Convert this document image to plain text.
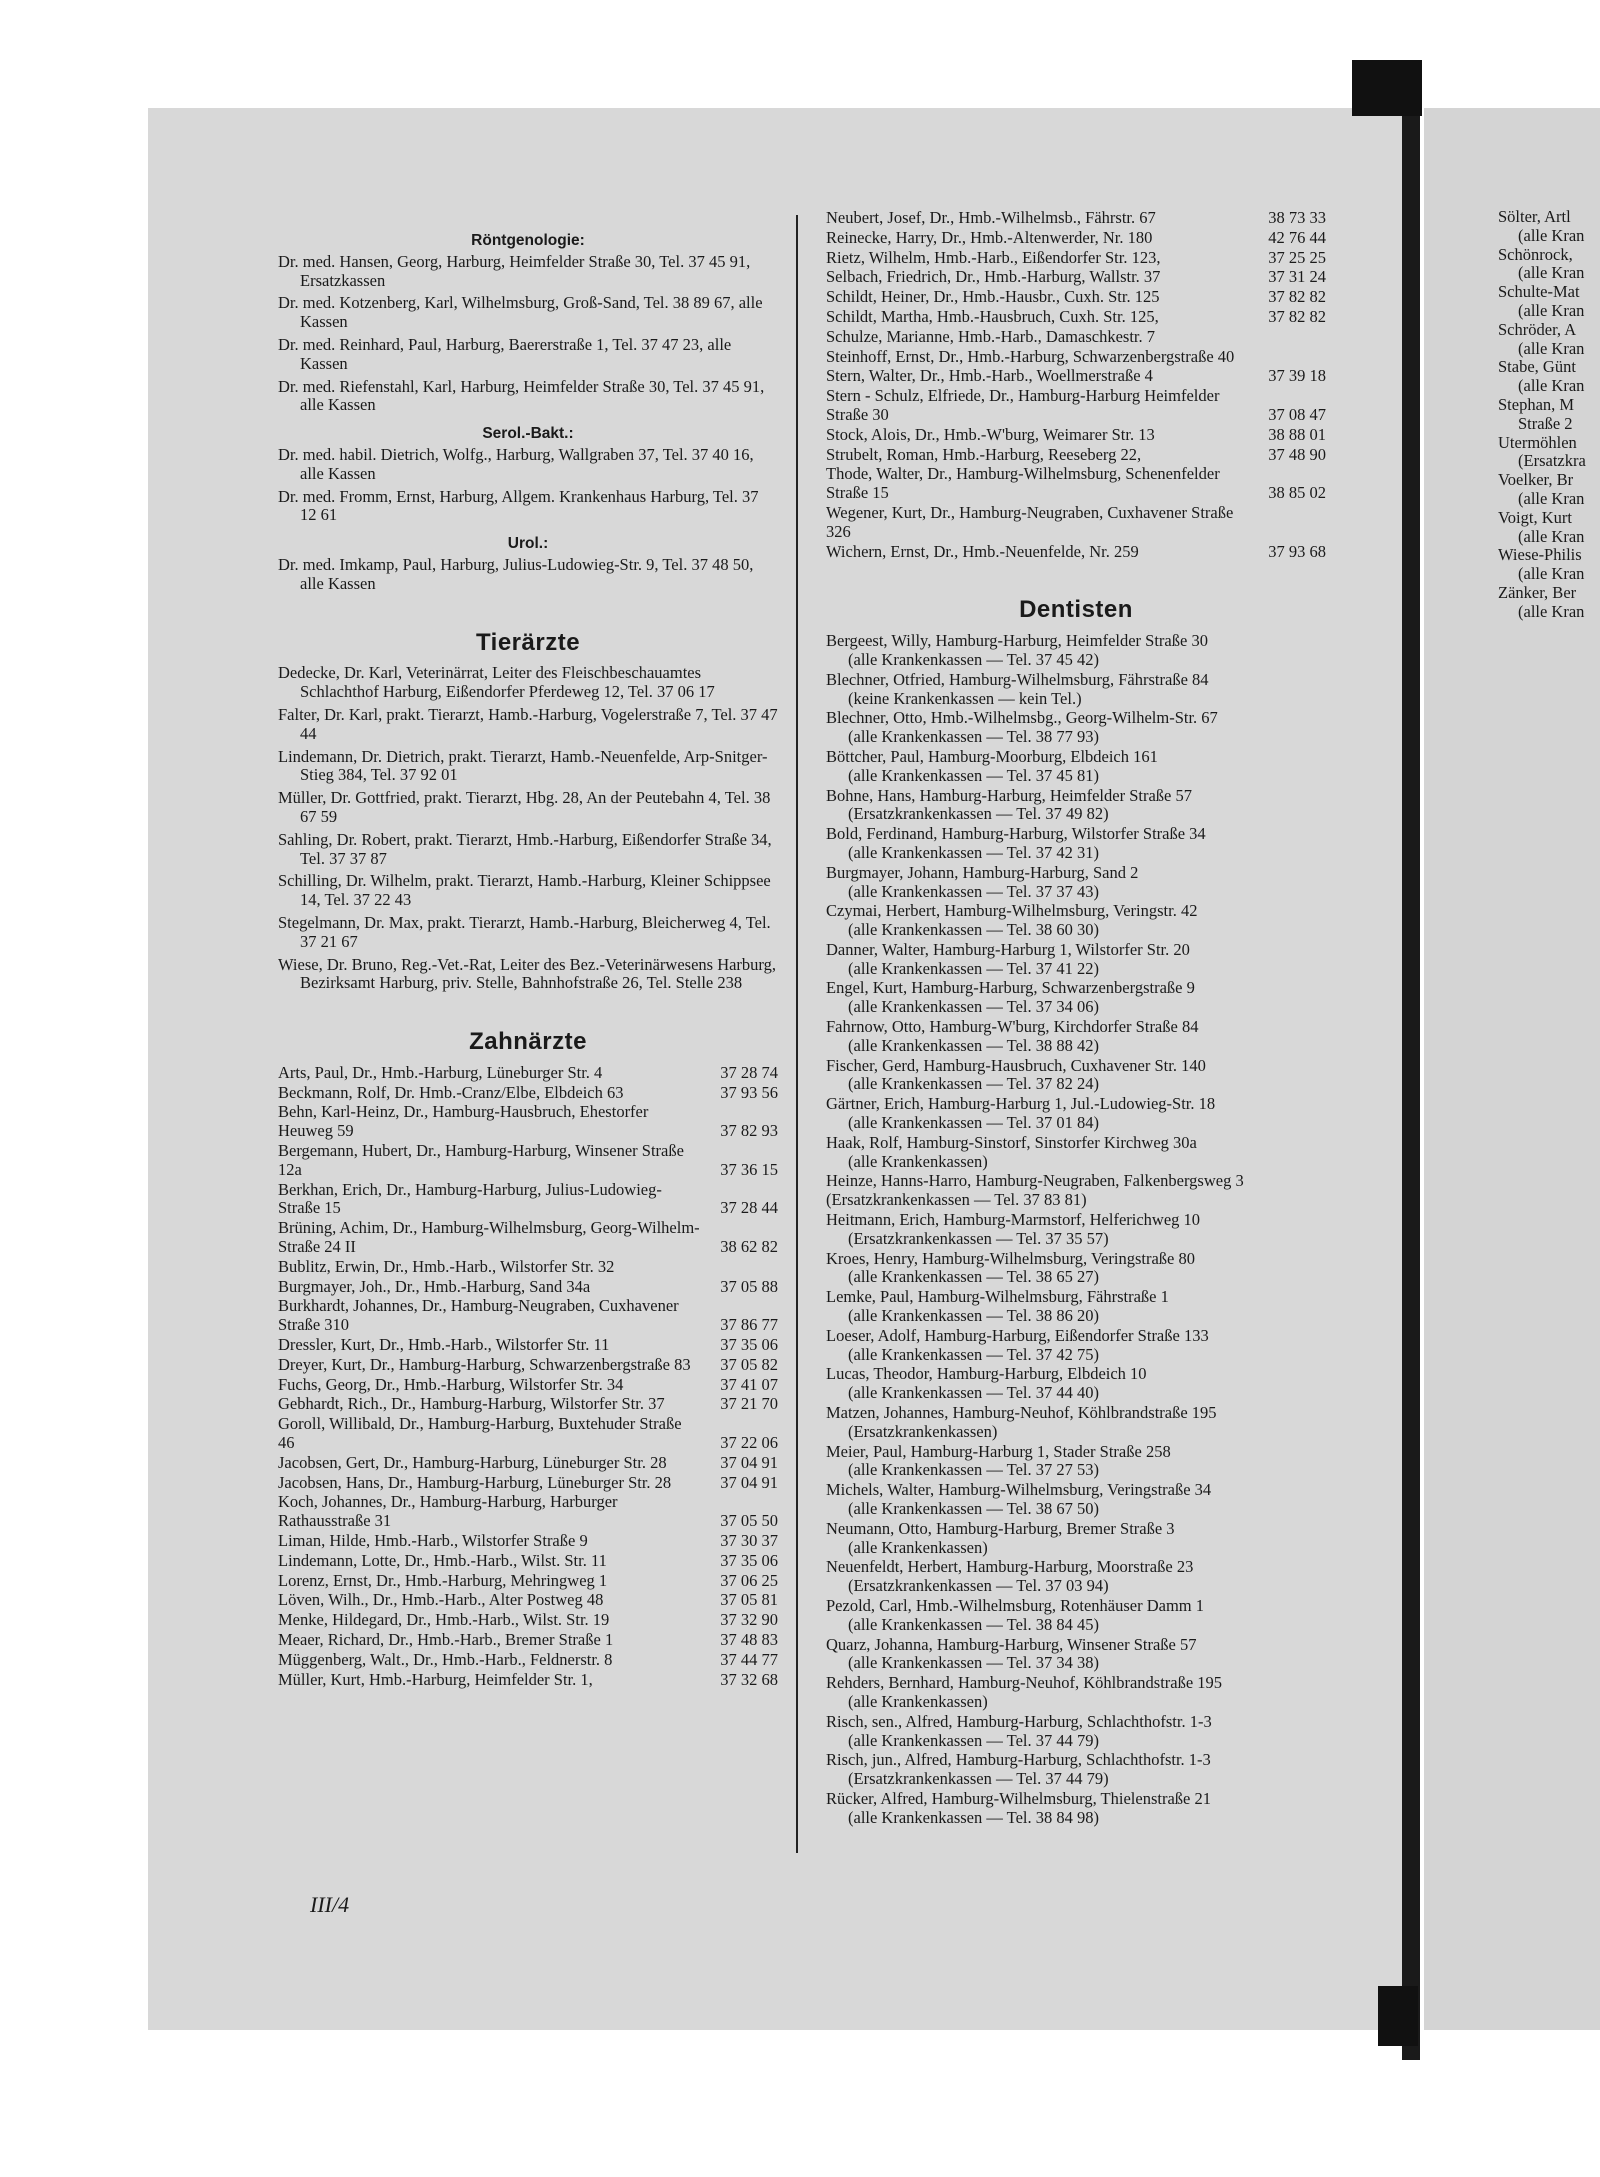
Röntgenologie:
Dr. med. Hansen, Georg, Harburg, Heimfelder Straße 30, Tel. 37 45 91, Ersatzkassen
Dr. med. Kotzenberg, Karl, Wilhelmsburg, Groß-Sand, Tel. 38 89 67, alle Kassen
Dr. med. Reinhard, Paul, Harburg, Baererstraße 1, Tel. 37 47 23, alle Kassen
Dr. med. Riefenstahl, Karl, Harburg, Heimfelder Straße 30, Tel. 37 45 91, alle Kassen
Serol.-Bakt.:
Dr. med. habil. Dietrich, Wolfg., Harburg, Wallgraben 37, Tel. 37 40 16, alle Kassen
Dr. med. Fromm, Ernst, Harburg, Allgem. Krankenhaus Harburg, Tel. 37 12 61
Urol.:
Dr. med. Imkamp, Paul, Harburg, Julius-Ludowieg-Str. 9, Tel. 37 48 50, alle Kassen
Tierärzte
Dedecke, Dr. Karl, Veterinärrat, Leiter des Fleischbeschauamtes Schlachthof Harburg, Eißendorfer Pferdeweg 12, Tel. 37 06 17
Falter, Dr. Karl, prakt. Tierarzt, Hamb.-Harburg, Vogelerstraße 7, Tel. 37 47 44
Lindemann, Dr. Dietrich, prakt. Tierarzt, Hamb.-Neuenfelde, Arp-Snitger-Stieg 384, Tel. 37 92 01
Müller, Dr. Gottfried, prakt. Tierarzt, Hbg. 28, An der Peutebahn 4, Tel. 38 67 59
Sahling, Dr. Robert, prakt. Tierarzt, Hmb.-Harburg, Eißendorfer Straße 34, Tel. 37 37 87
Schilling, Dr. Wilhelm, prakt. Tierarzt, Hamb.-Harburg, Kleiner Schippsee 14, Tel. 37 22 43
Stegelmann, Dr. Max, prakt. Tierarzt, Hamb.-Harburg, Bleicherweg 4, Tel. 37 21 67
Wiese, Dr. Bruno, Reg.-Vet.-Rat, Leiter des Bez.-Veterinärwesens Harburg, Bezirksamt Harburg, priv. Stelle, Bahnhofstraße 26, Tel. Stelle 238
Zahnärzte
Arts, Paul, Dr., Hmb.-Harburg, Lüneburger Str. 4	37 28 74
Beckmann, Rolf, Dr. Hmb.-Cranz/Elbe, Elbdeich 63	37 93 56
Behn, Karl-Heinz, Dr., Hamburg-Hausbruch, Ehestorfer Heuweg 59	37 82 93
Bergemann, Hubert, Dr., Hamburg-Harburg, Winsener Straße 12a	37 36 15
Berkhan, Erich, Dr., Hamburg-Harburg, Julius-Ludowieg-Straße 15	37 28 44
Brüning, Achim, Dr., Hamburg-Wilhelmsburg, Georg-Wilhelm-Straße 24 II	38 62 82
Bublitz, Erwin, Dr., Hmb.-Harb., Wilstorfer Str. 32
Burgmayer, Joh., Dr., Hmb.-Harburg, Sand 34a	37 05 88
Burkhardt, Johannes, Dr., Hamburg-Neugraben, Cuxhavener Straße 310	37 86 77
Dressler, Kurt, Dr., Hmb.-Harb., Wilstorfer Str. 11	37 35 06
Dreyer, Kurt, Dr., Hamburg-Harburg, Schwarzenbergstraße 83	37 05 82
Fuchs, Georg, Dr., Hmb.-Harburg, Wilstorfer Str. 34	37 41 07
Gebhardt, Rich., Dr., Hamburg-Harburg, Wilstorfer Str. 37	37 21 70
Goroll, Willibald, Dr., Hamburg-Harburg, Buxtehuder Straße 46	37 22 06
Jacobsen, Gert, Dr., Hamburg-Harburg, Lüneburger Str. 28	37 04 91
Jacobsen, Hans, Dr., Hamburg-Harburg, Lüneburger Str. 28	37 04 91
Koch, Johannes, Dr., Hamburg-Harburg, Harburger Rathausstraße 31	37 05 50
Liman, Hilde, Hmb.-Harb., Wilstorfer Straße 9	37 30 37
Lindemann, Lotte, Dr., Hmb.-Harb., Wilst. Str. 11	37 35 06
Lorenz, Ernst, Dr., Hmb.-Harburg, Mehringweg 1	37 06 25
Löven, Wilh., Dr., Hmb.-Harb., Alter Postweg 48	37 05 81
Menke, Hildegard, Dr., Hmb.-Harb., Wilst. Str. 19	37 32 90
Meaer, Richard, Dr., Hmb.-Harb., Bremer Straße 1	37 48 83
Müggenberg, Walt., Dr., Hmb.-Harb., Feldnerstr. 8	37 44 77
Müller, Kurt, Hmb.-Harburg, Heimfelder Str. 1,	37 32 68
Neubert, Josef, Dr., Hmb.-Wilhelmsb., Fährstr. 67	38 73 33
Reinecke, Harry, Dr., Hmb.-Altenwerder, Nr. 180	42 76 44
Rietz, Wilhelm, Hmb.-Harb., Eißendorfer Str. 123,	37 25 25
Selbach, Friedrich, Dr., Hmb.-Harburg, Wallstr. 37	37 31 24
Schildt, Heiner, Dr., Hmb.-Hausbr., Cuxh. Str. 125	37 82 82
Schildt, Martha, Hmb.-Hausbruch, Cuxh. Str. 125,	37 82 82
Schulze, Marianne, Hmb.-Harb., Damaschkestr. 7
Steinhoff, Ernst, Dr., Hmb.-Harburg, Schwarzenbergstraße 40
Stern, Walter, Dr., Hmb.-Harb., Woellmerstraße 4	37 39 18
Stern - Schulz, Elfriede, Dr., Hamburg-Harburg Heimfelder Straße 30	37 08 47
Stock, Alois, Dr., Hmb.-W'burg, Weimarer Str. 13	38 88 01
Strubelt, Roman, Hmb.-Harburg, Reeseberg 22,	37 48 90
Thode, Walter, Dr., Hamburg-Wilhelmsburg, Schenenfelder Straße 15	38 85 02
Wegener, Kurt, Dr., Hamburg-Neugraben, Cuxhavener Straße 326
Wichern, Ernst, Dr., Hmb.-Neuenfelde, Nr. 259	37 93 68
Dentisten
Bergeest, Willy, Hamburg-Harburg, Heimfelder Straße 30
(alle Krankenkassen — Tel. 37 45 42)
Blechner, Otfried, Hamburg-Wilhelmsburg, Fährstraße 84
(keine Krankenkassen — kein Tel.)
Blechner, Otto, Hmb.-Wilhelmsbg., Georg-Wilhelm-Str. 67
(alle Krankenkassen — Tel. 38 77 93)
Böttcher, Paul, Hamburg-Moorburg, Elbdeich 161
(alle Krankenkassen — Tel. 37 45 81)
Bohne, Hans, Hamburg-Harburg, Heimfelder Straße 57
(Ersatzkrankenkassen — Tel. 37 49 82)
Bold, Ferdinand, Hamburg-Harburg, Wilstorfer Straße 34
(alle Krankenkassen — Tel. 37 42 31)
Burgmayer, Johann, Hamburg-Harburg, Sand 2
(alle Krankenkassen — Tel. 37 37 43)
Czymai, Herbert, Hamburg-Wilhelmsburg, Veringstr. 42
(alle Krankenkassen — Tel. 38 60 30)
Danner, Walter, Hamburg-Harburg 1, Wilstorfer Str. 20
(alle Krankenkassen — Tel. 37 41 22)
Engel, Kurt, Hamburg-Harburg, Schwarzenbergstraße 9
(alle Krankenkassen — Tel. 37 34 06)
Fahrnow, Otto, Hamburg-W'burg, Kirchdorfer Straße 84
(alle Krankenkassen — Tel. 38 88 42)
Fischer, Gerd, Hamburg-Hausbruch, Cuxhavener Str. 140
(alle Krankenkassen — Tel. 37 82 24)
Gärtner, Erich, Hamburg-Harburg 1, Jul.-Ludowieg-Str. 18
(alle Krankenkassen — Tel. 37 01 84)
Haak, Rolf, Hamburg-Sinstorf, Sinstorfer Kirchweg 30a
(alle Krankenkassen)
Heinze, Hanns-Harro, Hamburg-Neugraben, Falkenbergsweg 3 (Ersatzkrankenkassen — Tel. 37 83 81)
Heitmann, Erich, Hamburg-Marmstorf, Helferichweg 10
(Ersatzkrankenkassen — Tel. 37 35 57)
Kroes, Henry, Hamburg-Wilhelmsburg, Veringstraße 80
(alle Krankenkassen — Tel. 38 65 27)
Lemke, Paul, Hamburg-Wilhelmsburg, Fährstraße 1
(alle Krankenkassen — Tel. 38 86 20)
Loeser, Adolf, Hamburg-Harburg, Eißendorfer Straße 133
(alle Krankenkassen — Tel. 37 42 75)
Lucas, Theodor, Hamburg-Harburg, Elbdeich 10
(alle Krankenkassen — Tel. 37 44 40)
Matzen, Johannes, Hamburg-Neuhof, Köhlbrandstraße 195
(Ersatzkrankenkassen)
Meier, Paul, Hamburg-Harburg 1, Stader Straße 258
(alle Krankenkassen — Tel. 37 27 53)
Michels, Walter, Hamburg-Wilhelmsburg, Veringstraße 34
(alle Krankenkassen — Tel. 38 67 50)
Neumann, Otto, Hamburg-Harburg, Bremer Straße 3
(alle Krankenkassen)
Neuenfeldt, Herbert, Hamburg-Harburg, Moorstraße 23
(Ersatzkrankenkassen — Tel. 37 03 94)
Pezold, Carl, Hmb.-Wilhelmsburg, Rotenhäuser Damm 1
(alle Krankenkassen — Tel. 38 84 45)
Quarz, Johanna, Hamburg-Harburg, Winsener Straße 57
(alle Krankenkassen — Tel. 37 34 38)
Rehders, Bernhard, Hamburg-Neuhof, Köhlbrandstraße 195
(alle Krankenkassen)
Risch, sen., Alfred, Hamburg-Harburg, Schlachthofstr. 1-3
(alle Krankenkassen — Tel. 37 44 79)
Risch, jun., Alfred, Hamburg-Harburg, Schlachthofstr. 1-3
(Ersatzkrankenkassen — Tel. 37 44 79)
Rücker, Alfred, Hamburg-Wilhelmsburg, Thielenstraße 21
(alle Krankenkassen — Tel. 38 84 98)
Sölter, Artl
(alle Kran
Schönrock,
(alle Kran
Schulte-Mat
(alle Kran
Schröder, A
(alle Kran
Stabe, Günt
(alle Kran
Stephan, M
Straße 2
Utermöhlen
(Ersatzkra
Voelker, Br
(alle Kran
Voigt, Kurt
(alle Kran
Wiese-Philis
(alle Kran
Zänker, Ber
(alle Kran
III/4
